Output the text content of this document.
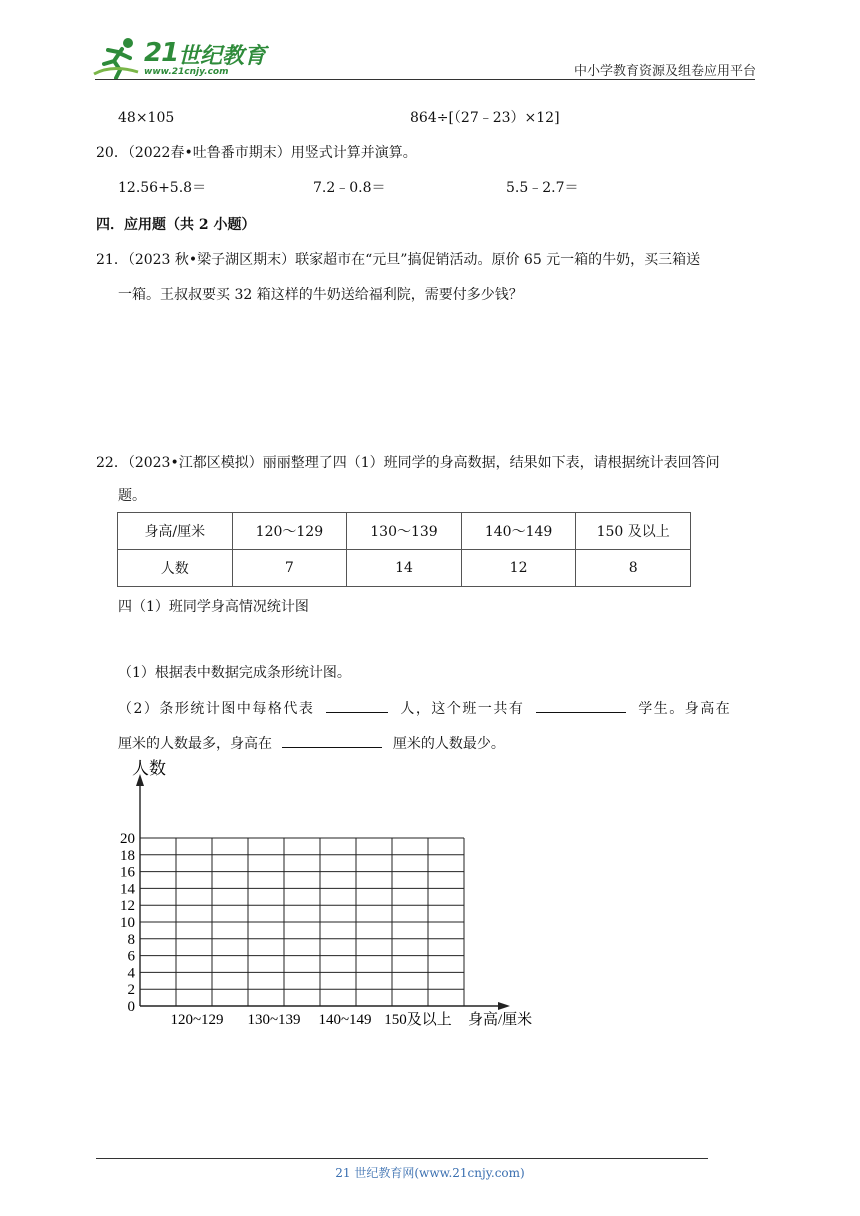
21 世纪教育
www.21cnjy.com	中小学教育资源及组卷应用平台
48×105	864÷[（27﹣23）×12]
20．（2022春•吐鲁番市期末）用竖式计算并演算。
12.56+5.8＝	7.2﹣0.8＝	5.5﹣2.7＝
四．应用题（共 2 小题）
21．（2023 秋•梁子湖区期末）联家超市在“元旦”搞促销活动。原价 65 元一箱的牛奶，买三箱送
一箱。王叔叔要买 32 箱这样的牛奶送给福利院，需要付多少钱？
22．（2023•江都区模拟）丽丽整理了四（1）班同学的身高数据，结果如下表，请根据统计表回答问
题。
身高/厘米	120～129	130～139	140～149	150 及以上
人数	7	14	12	8
四（1）班同学身高情况统计图
（1）根据表中数据完成条形统计图。
（2）条形统计图中每格代表	人，这个班一共有	学生。身高在
厘米的人数最多，身高在	厘米的人数最少。
人数
身高/厘米
20
18
16
14
12
10
8
6
4
2
0
120~129 130~139 140~149 150及以上
21 世纪教育网(www.21cnjy.com)
